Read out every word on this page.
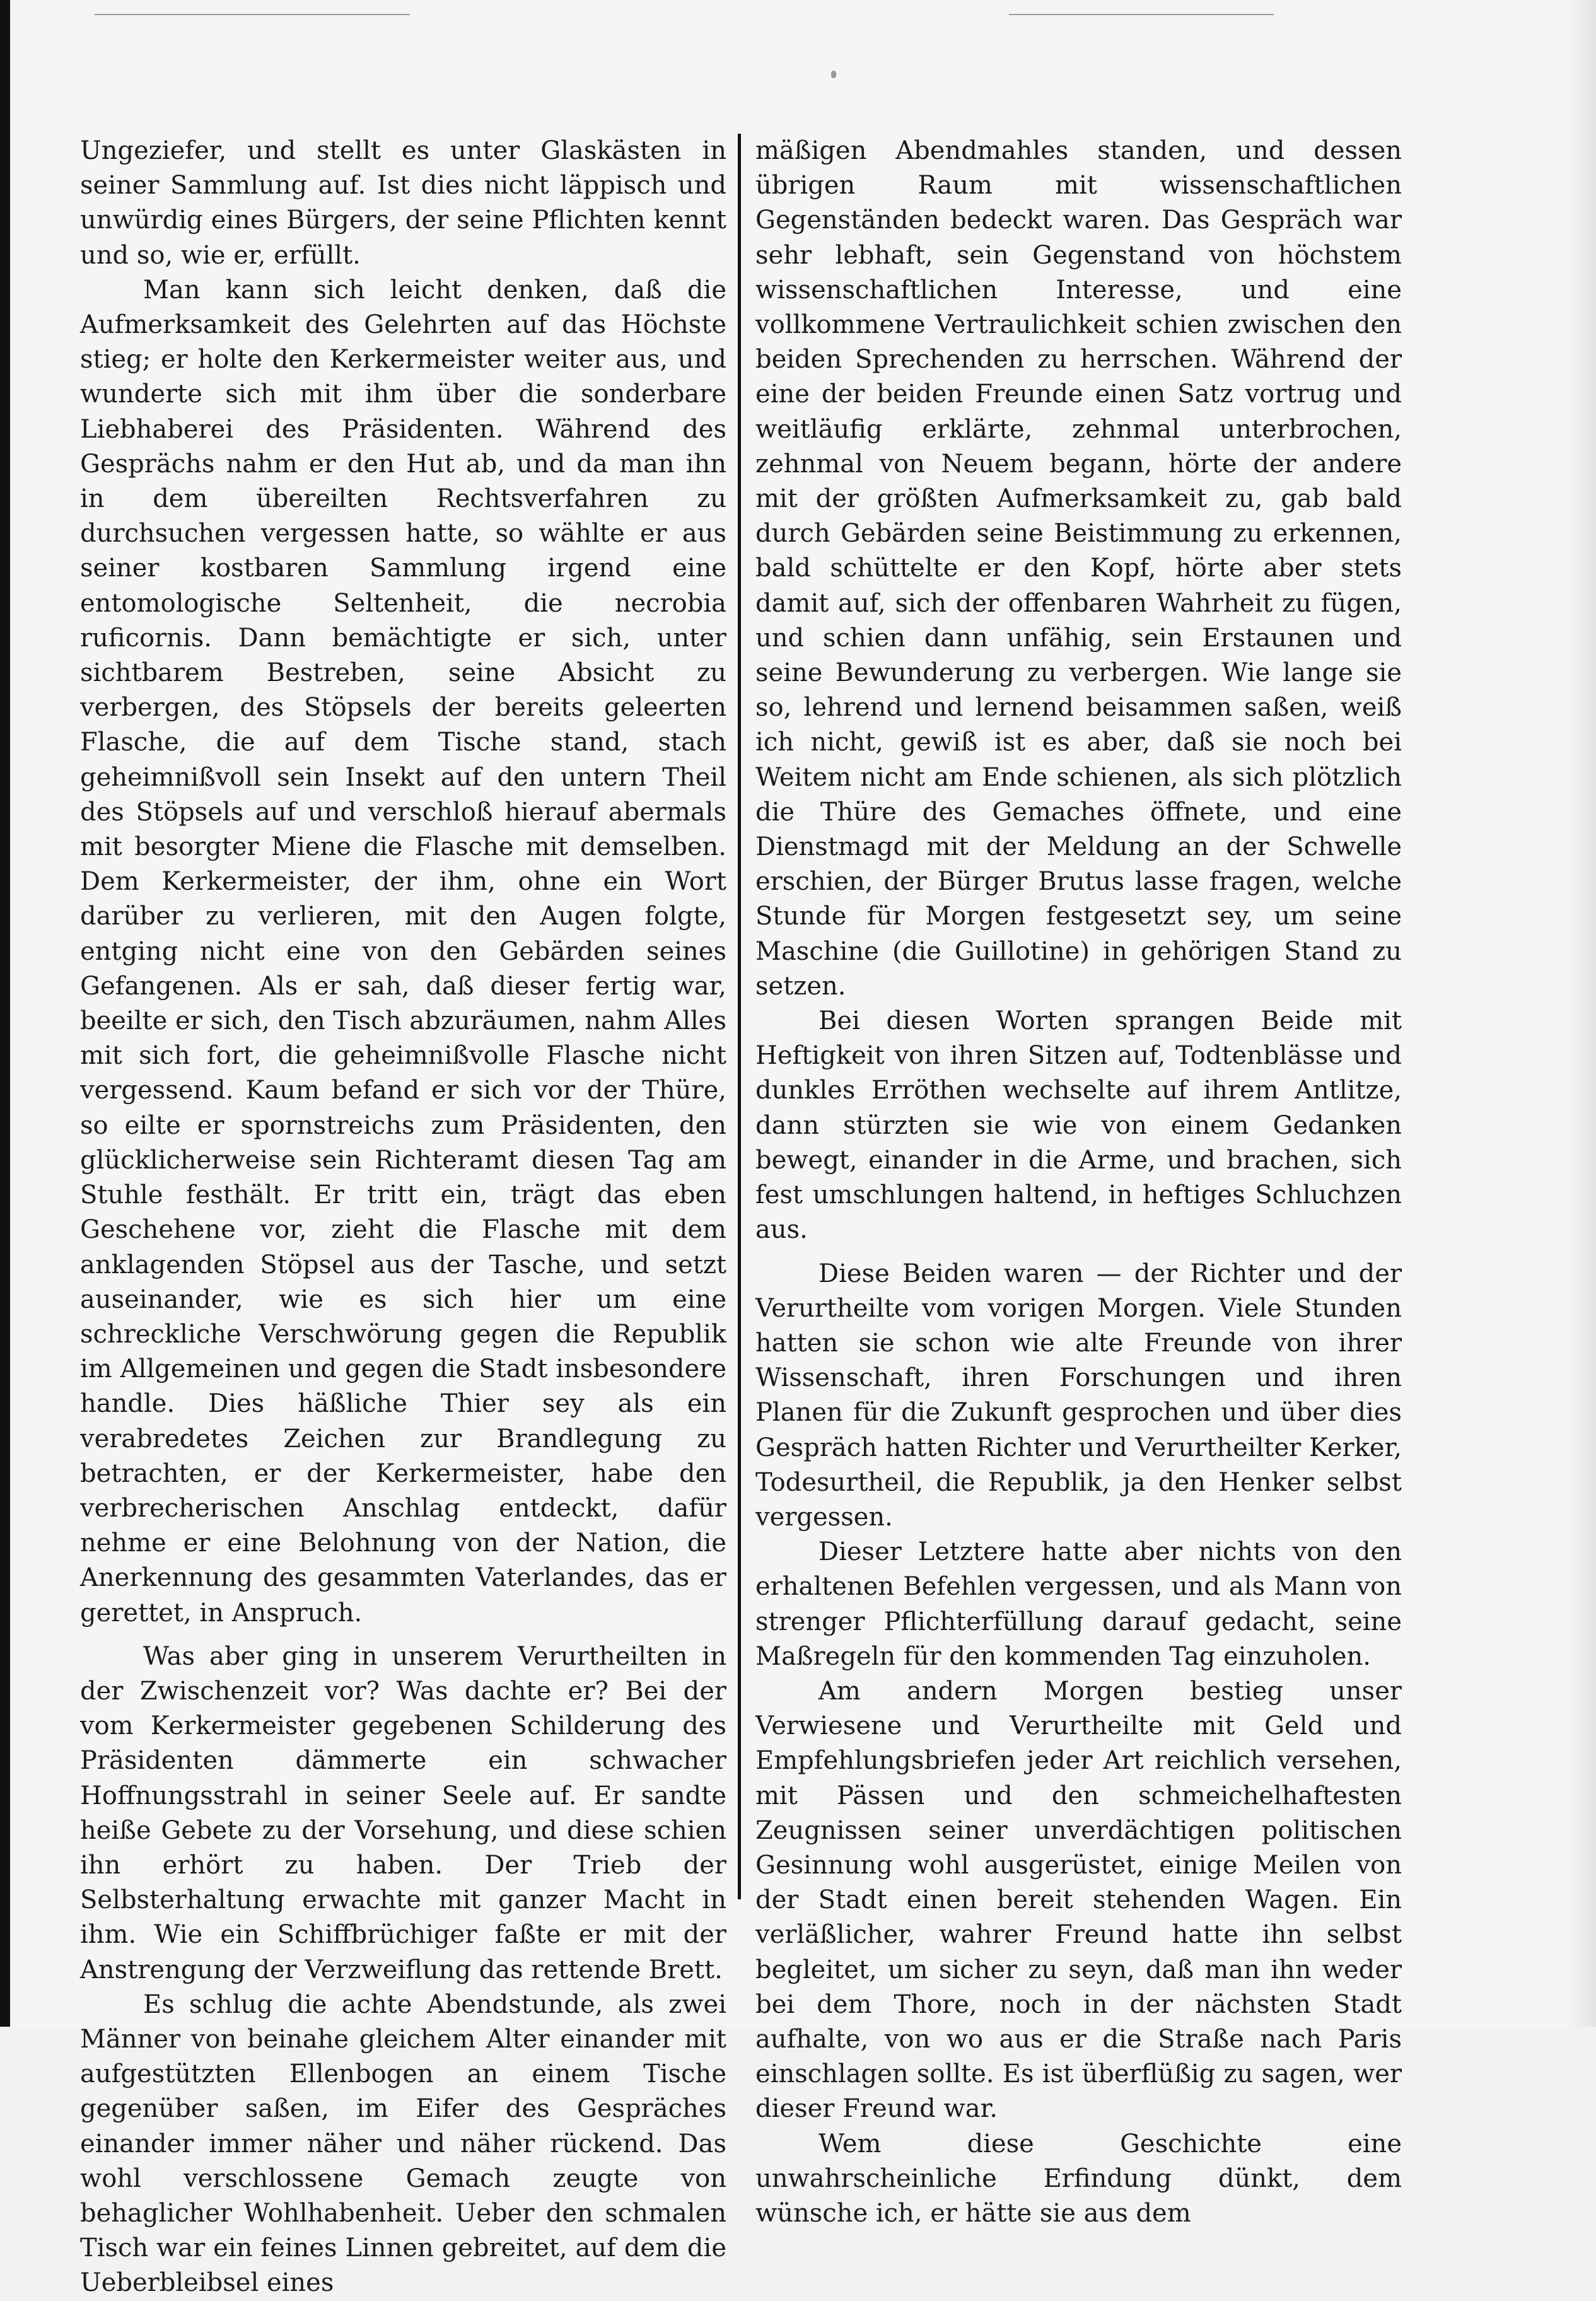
Ungeziefer, und stellt es unter Glaskästen in seiner Sammlung auf. Ist dies nicht läppisch und unwürdig eines Bürgers, der seine Pflichten kennt und so, wie er, erfüllt.

Man kann sich leicht denken, daß die Aufmerksamkeit des Gelehrten auf das Höchste stieg; er holte den Kerkermeister weiter aus, und wunderte sich mit ihm über die sonderbare Liebhaberei des Präsidenten. Während des Gesprächs nahm er den Hut ab, und da man ihn in dem übereilten Rechtsverfahren zu durchsuchen vergessen hatte, so wählte er aus seiner kostbaren Sammlung irgend eine entomologische Seltenheit, die necrobia ruficornis. Dann bemächtigte er sich, unter sichtbarem Bestreben, seine Absicht zu verbergen, des Stöpsels der bereits geleerten Flasche, die auf dem Tische stand, stach geheimnißvoll sein Insekt auf den untern Theil des Stöpsels auf und verschloß hierauf abermals mit besorgter Miene die Flasche mit demselben. Dem Kerkermeister, der ihm, ohne ein Wort darüber zu verlieren, mit den Augen folgte, entging nicht eine von den Gebärden seines Gefangenen. Als er sah, daß dieser fertig war, beeilte er sich, den Tisch abzuräumen, nahm Alles mit sich fort, die geheimnißvolle Flasche nicht vergessend. Kaum befand er sich vor der Thüre, so eilte er spornstreichs zum Präsidenten, den glücklicherweise sein Richteramt diesen Tag am Stuhle festhält. Er tritt ein, trägt das eben Geschehene vor, zieht die Flasche mit dem anklagenden Stöpsel aus der Tasche, und setzt auseinander, wie es sich hier um eine schreckliche Verschwörung gegen die Republik im Allgemeinen und gegen die Stadt insbesondere handle. Dies häßliche Thier sey als ein verabredetes Zeichen zur Brandlegung zu betrachten, er der Kerkermeister, habe den verbrecherischen Anschlag entdeckt, dafür nehme er eine Belohnung von der Nation, die Anerkennung des gesammten Vaterlandes, das er gerettet, in Anspruch.

Was aber ging in unserem Verurtheilten in der Zwischenzeit vor? Was dachte er? Bei der vom Kerkermeister gegebenen Schilderung des Präsidenten dämmerte ein schwacher Hoffnungsstrahl in seiner Seele auf. Er sandte heiße Gebete zu der Vorsehung, und diese schien ihn erhört zu haben. Der Trieb der Selbsterhaltung erwachte mit ganzer Macht in ihm. Wie ein Schiffbrüchiger faßte er mit der Anstrengung der Verzweiflung das rettende Brett.

Es schlug die achte Abendstunde, als zwei Männer von beinahe gleichem Alter einander mit aufgestützten Ellenbogen an einem Tische gegenüber saßen, im Eifer des Gespräches einander immer näher und näher rückend. Das wohl verschlossene Gemach zeugte von behaglicher Wohlhabenheit. Ueber den schmalen Tisch war ein feines Linnen gebreitet, auf dem die Ueberbleibsel eines

mäßigen Abendmahles standen, und dessen übrigen Raum mit wissenschaftlichen Gegenständen bedeckt waren. Das Gespräch war sehr lebhaft, sein Gegenstand von höchstem wissenschaftlichen Interesse, und eine vollkommene Vertraulichkeit schien zwischen den beiden Sprechenden zu herrschen. Während der eine der beiden Freunde einen Satz vortrug und weitläufig erklärte, zehnmal unterbrochen, zehnmal von Neuem begann, hörte der andere mit der größten Aufmerksamkeit zu, gab bald durch Gebärden seine Beistimmung zu erkennen, bald schüttelte er den Kopf, hörte aber stets damit auf, sich der offenbaren Wahrheit zu fügen, und schien dann unfähig, sein Erstaunen und seine Bewunderung zu verbergen. Wie lange sie so, lehrend und lernend beisammen saßen, weiß ich nicht, gewiß ist es aber, daß sie noch bei Weitem nicht am Ende schienen, als sich plötzlich die Thüre des Gemaches öffnete, und eine Dienstmagd mit der Meldung an der Schwelle erschien, der Bürger Brutus lasse fragen, welche Stunde für Morgen festgesetzt sey, um seine Maschine (die Guillotine) in gehörigen Stand zu setzen.

Bei diesen Worten sprangen Beide mit Heftigkeit von ihren Sitzen auf, Todtenblässe und dunkles Erröthen wechselte auf ihrem Antlitze, dann stürzten sie wie von einem Gedanken bewegt, einander in die Arme, und brachen, sich fest umschlungen haltend, in heftiges Schluchzen aus.

Diese Beiden waren — der Richter und der Verurtheilte vom vorigen Morgen. Viele Stunden hatten sie schon wie alte Freunde von ihrer Wissenschaft, ihren Forschungen und ihren Planen für die Zukunft gesprochen und über dies Gespräch hatten Richter und Verurtheilter Kerker, Todesurtheil, die Republik, ja den Henker selbst vergessen.

Dieser Letztere hatte aber nichts von den erhaltenen Befehlen vergessen, und als Mann von strenger Pflichterfüllung darauf gedacht, seine Maßregeln für den kommenden Tag einzuholen.

Am andern Morgen bestieg unser Verwiesene und Verurtheilte mit Geld und Empfehlungsbriefen jeder Art reichlich versehen, mit Pässen und den schmeichelhaftesten Zeugnissen seiner unverdächtigen politischen Gesinnung wohl ausgerüstet, einige Meilen von der Stadt einen bereit stehenden Wagen. Ein verläßlicher, wahrer Freund hatte ihn selbst begleitet, um sicher zu seyn, daß man ihn weder bei dem Thore, noch in der nächsten Stadt aufhalte, von wo aus er die Straße nach Paris einschlagen sollte. Es ist überflüßig zu sagen, wer dieser Freund war.

Wem diese Geschichte eine unwahrscheinliche Erfindung dünkt, dem wünsche ich, er hätte sie aus dem
